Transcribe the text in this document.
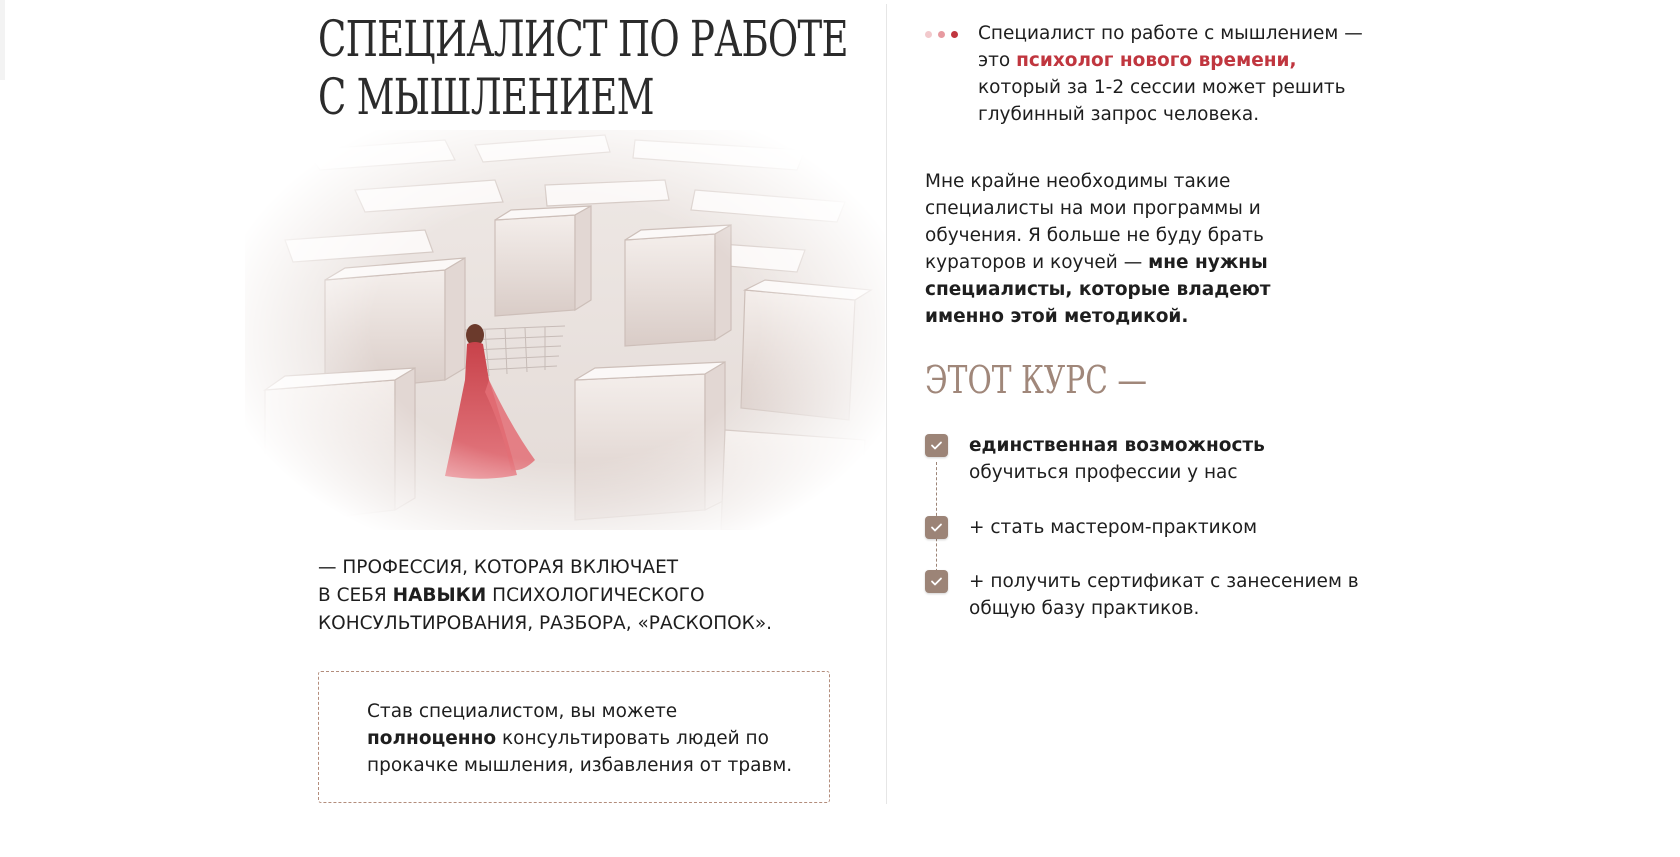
СПЕЦИАЛИСТ ПО РАБОТЕ
С МЫШЛЕНИЕМ

— ПРОФЕССИЯ, КОТОРАЯ ВКЛЮЧАЕТ
В СЕБЯ НАВЫКИ ПСИХОЛОГИЧЕСКОГО
КОНСУЛЬТИРОВАНИЯ, РАЗБОРА, «РАСКОПОК».

Став специалистом, вы можете полноценно консультировать людей по прокачке мышления, избавления от травм.

Специалист по работе с мышлением — это психолог нового времени, который за 1-2 сессии может решить глубинный запрос человека.

Мне крайне необходимы такие специалисты на мои программы и обучения. Я больше не буду брать кураторов и коучей — мне нужны специалисты, которые владеют именно этой методикой.

ЭТОТ КУРС —

единственная возможность
обучиться профессии у нас

+ стать мастером-практиком

+ получить сертификат с занесением в общую базу практиков.
